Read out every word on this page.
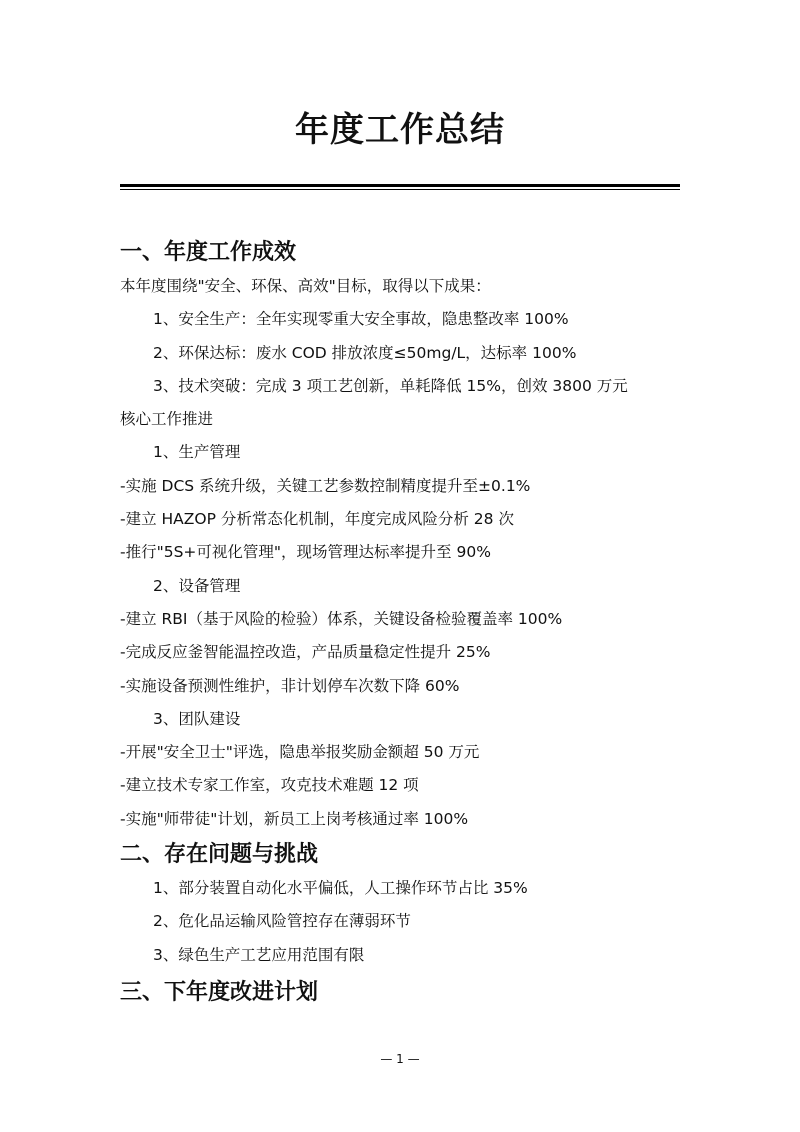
年度工作总结
一、年度工作成效
本年度围绕"安全、环保、高效"目标，取得以下成果：
1、安全生产：全年实现零重大安全事故，隐患整改率 100%
2、环保达标：废水 COD 排放浓度≤50mg/L，达标率 100%
3、技术突破：完成 3 项工艺创新，单耗降低 15%，创效 3800 万元
核心工作推进
1、生产管理
-实施 DCS 系统升级，关键工艺参数控制精度提升至±0.1%
-建立 HAZOP 分析常态化机制，年度完成风险分析 28 次
-推行"5S+可视化管理"，现场管理达标率提升至 90%
2、设备管理
-建立 RBI（基于风险的检验）体系，关键设备检验覆盖率 100%
-完成反应釜智能温控改造，产品质量稳定性提升 25%
-实施设备预测性维护，非计划停车次数下降 60%
3、团队建设
-开展"安全卫士"评选，隐患举报奖励金额超 50 万元
-建立技术专家工作室，攻克技术难题 12 项
-实施"师带徒"计划，新员工上岗考核通过率 100%
二、存在问题与挑战
1、部分装置自动化水平偏低，人工操作环节占比 35%
2、危化品运输风险管控存在薄弱环节
3、绿色生产工艺应用范围有限
三、下年度改进计划
— 1 —
